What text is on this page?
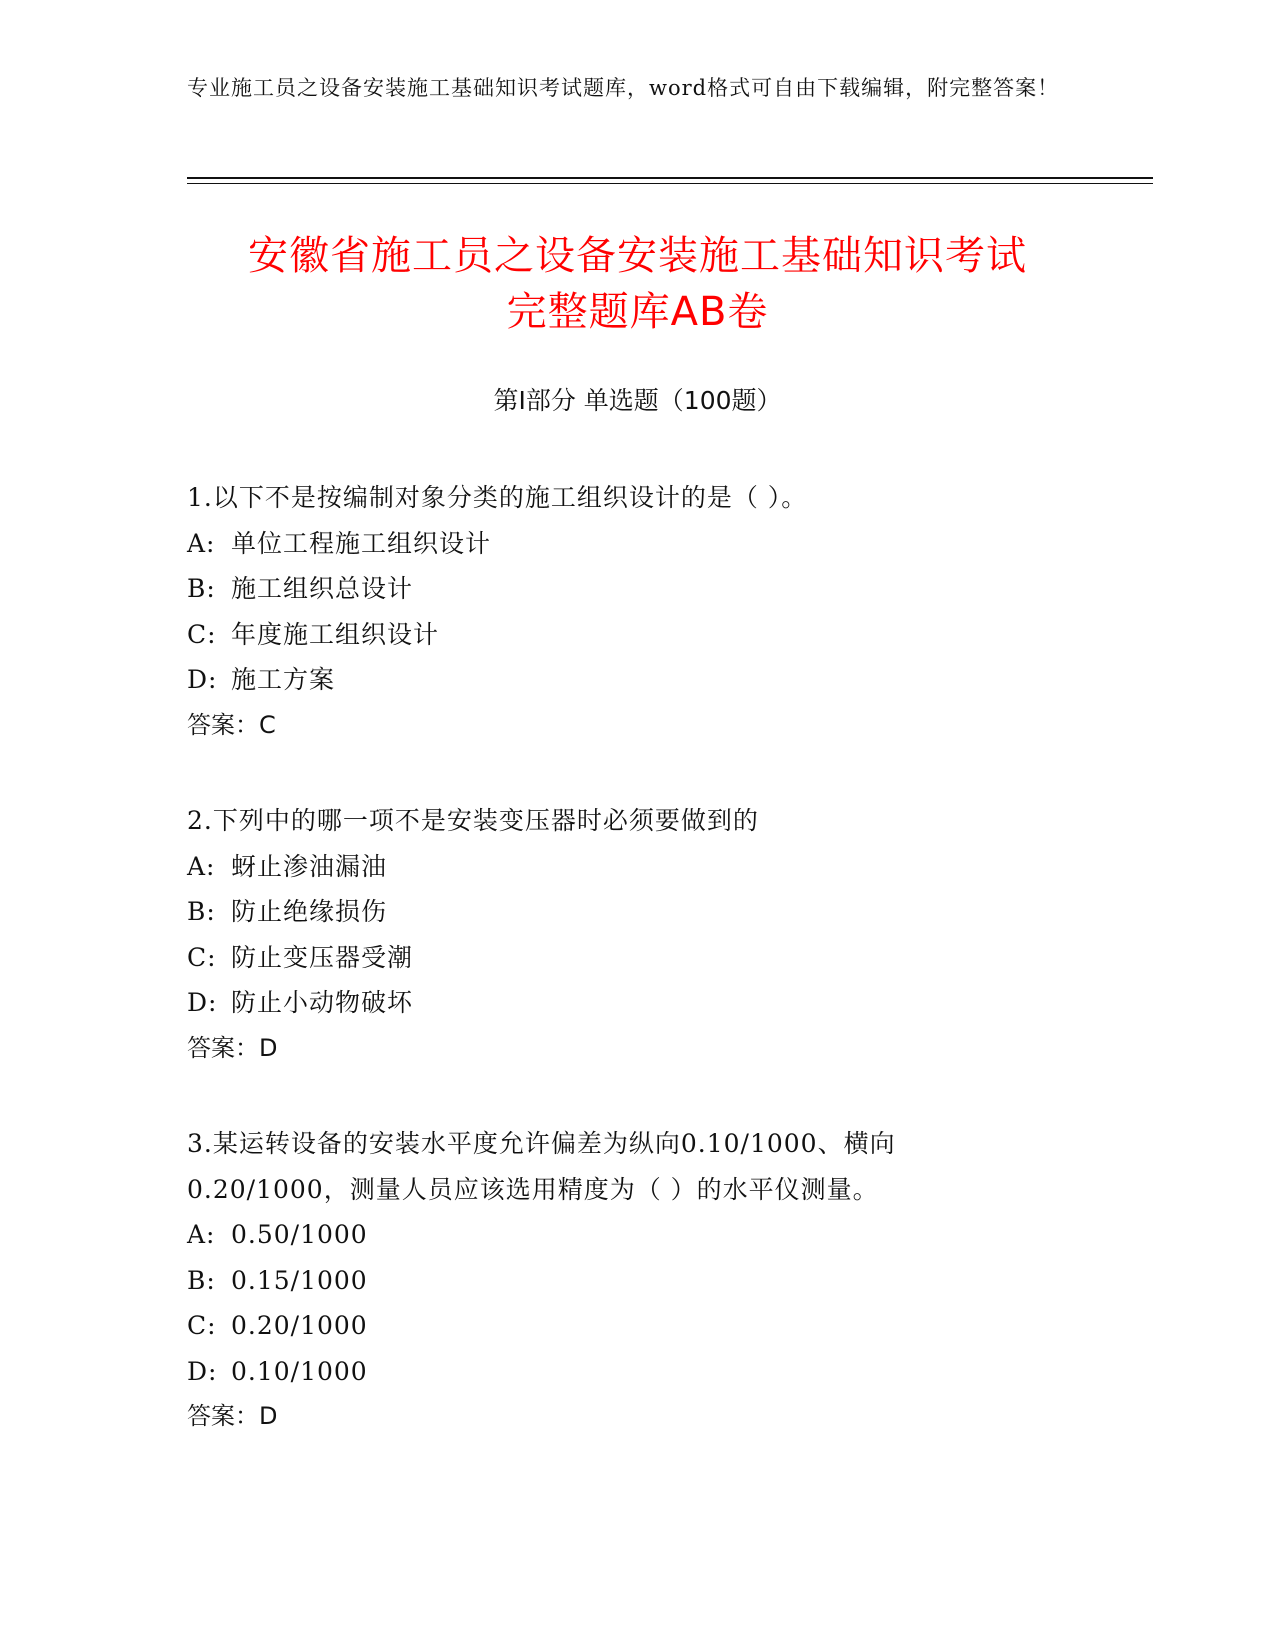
专业施工员之设备安装施工基础知识考试题库，word格式可自由下载编辑，附完整答案！
安徽省施工员之设备安装施工基础知识考试
完整题库AB卷
第Ⅰ部分 单选题（100题）
1.以下不是按编制对象分类的施工组织设计的是（ ）。
A: 单位工程施工组织设计
B: 施工组织总设计
C: 年度施工组织设计
D: 施工方案
答案：C
2.下列中的哪一项不是安装变压器时必须要做到的
A: 蚜止渗油漏油
B: 防止绝缘损伤
C: 防止变压器受潮
D: 防止小动物破坏
答案：D
3.某运转设备的安装水平度允许偏差为纵向0.10/1000、横向0.20/1000，测量人员应该选用精度为（ ）的水平仪测量。
A: 0.50/1000
B: 0.15/1000
C: 0.20/1000
D: 0.10/1000
答案：D
